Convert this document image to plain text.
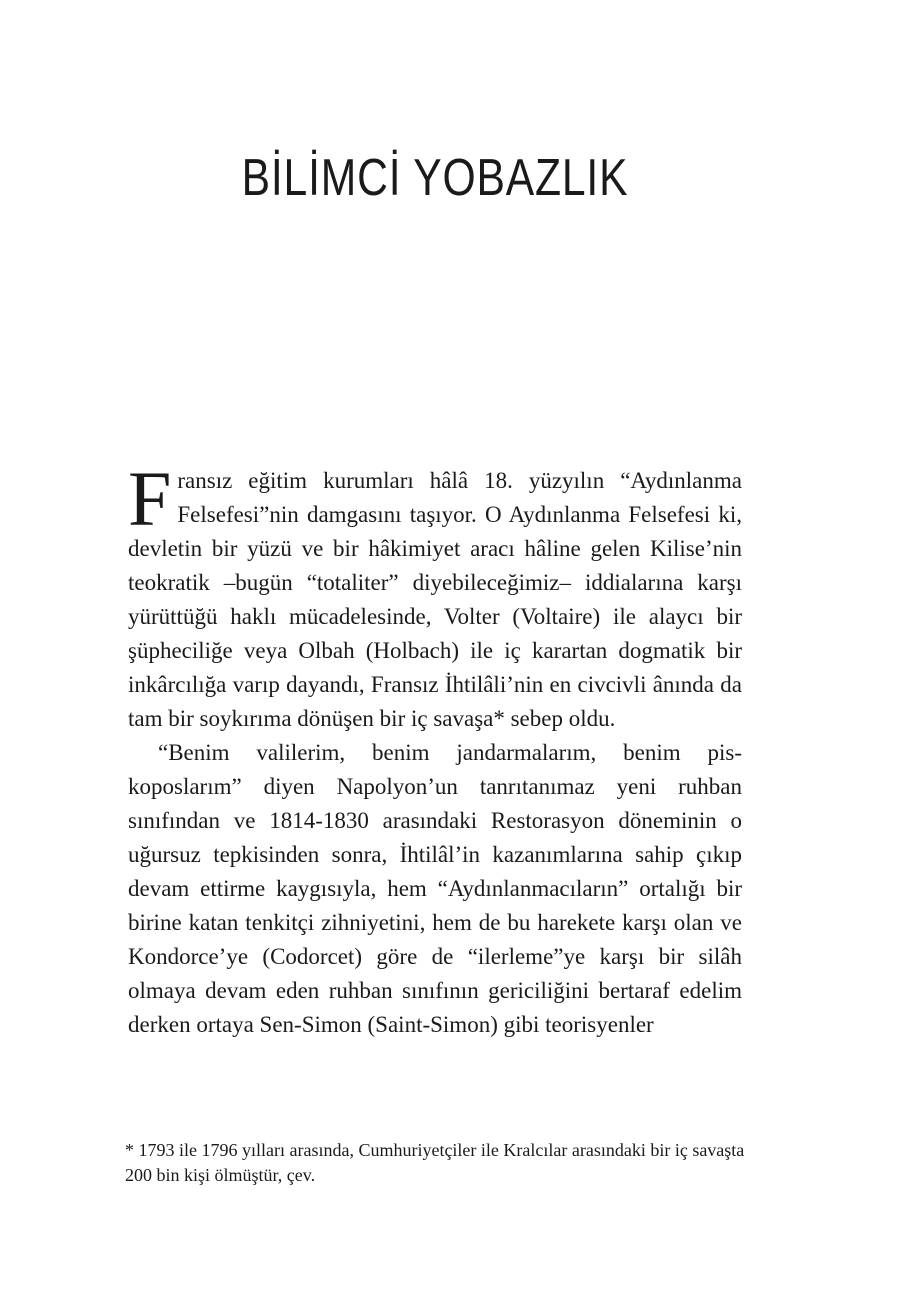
BİLİMCİ YOBAZLIK

Fransız eğitim kurumları hâlâ 18. yüzyılın “Aydınlanma Felsefesi”nin damgasını taşıyor. O Aydınlanma Felsefesi ki, devletin bir yüzü ve bir hâkimiyet aracı hâline gelen Kilise’nin teokratik –bugün “totaliter” diyebileceğimiz– iddialarına karşı yürüttüğü haklı mücadelesinde, Volter (Voltaire) ile alaycı bir şüpheciliğe veya Olbah (Holbach) ile iç karartan dogmatik bir inkârcılığa varıp dayandı, Fransız İhtilâli’nin en civcivli ânında da tam bir soykırıma dönüşen bir iç savaşa* sebep oldu.

“Benim valilerim, benim jandarmalarım, benim piskoposlarım” diyen Napolyon’un tanrıtanımaz yeni ruhban sınıfından ve 1814-1830 arasındaki Restorasyon döneminin o uğursuz tepkisinden sonra, İhtilâl’in kazanımlarına sahip çıkıp devam ettirme kaygısıyla, hem “Aydınlanmacıların” ortalığı bir birine katan tenkitçi zihniyetini, hem de bu harekete karşı olan ve Kondorce’ye (Codorcet) göre de “ilerleme”ye karşı bir silâh olmaya devam eden ruhban sınıfının gericiliğini bertaraf edelim derken ortaya Sen-Simon (Saint-Simon) gibi teorisyenler

* 1793 ile 1796 yılları arasında, Cumhuriyetçiler ile Kralcılar arasındaki bir iç savaşta 200 bin kişi ölmüştür, çev.
